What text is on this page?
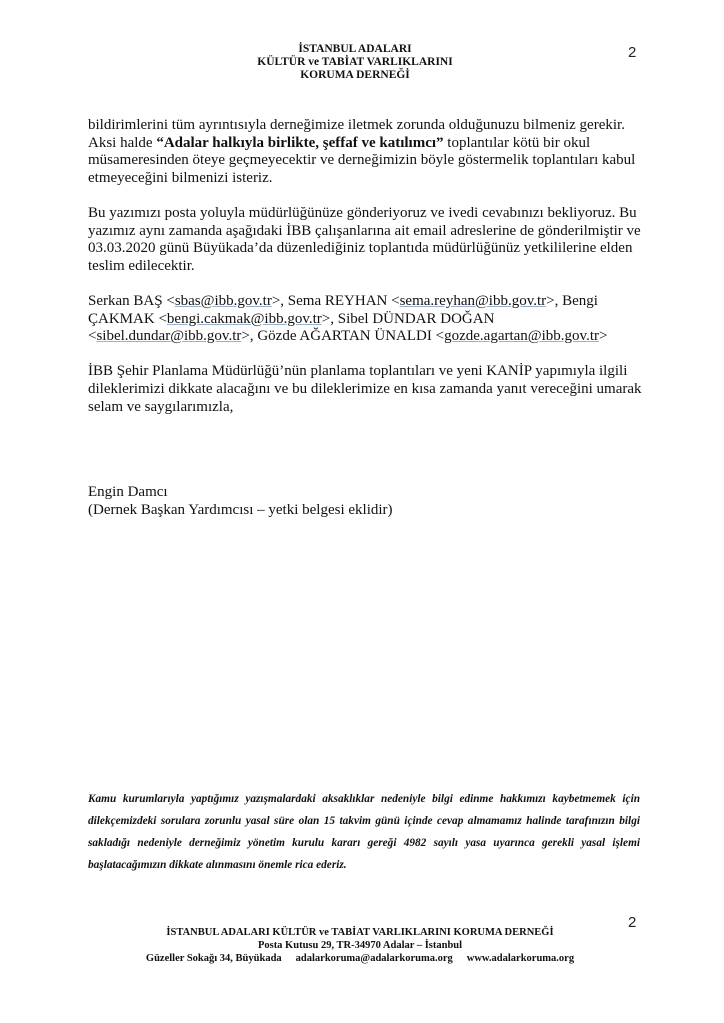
İSTANBUL ADALARI
KÜLTÜR ve TABİAT VARLIKLARINI
KORUMA DERNEĞİ
2

bildirimlerini tüm ayrıntısıyla derneğimize iletmek zorunda olduğunuzu bilmeniz gerekir.
Aksi halde “Adalar halkıyla birlikte, şeffaf ve katılımcı” toplantılar kötü bir okul müsameresinden öteye geçmeyecektir ve derneğimizin böyle göstermelik toplantıları kabul etmeyeceğini bilmenizi isteriz.

Bu yazımızı posta yoluyla müdürlüğünüze gönderiyoruz ve ivedi cevabınızı bekliyoruz. Bu yazımız aynı zamanda aşağıdaki İBB çalışanlarına ait email adreslerine de gönderilmiştir ve 03.03.2020 günü Büyükada’da düzenlediğiniz toplantıda müdürlüğünüz yetkililerine elden teslim edilecektir.

Serkan BAŞ <sbas@ibb.gov.tr>, Sema REYHAN <sema.reyhan@ibb.gov.tr>, Bengi ÇAKMAK <bengi.cakmak@ibb.gov.tr>, Sibel DÜNDAR DOĞAN
<sibel.dundar@ibb.gov.tr>, Gözde AĞARTAN ÜNALDI <gozde.agartan@ibb.gov.tr>

İBB Şehir Planlama Müdürlüğü’nün planlama toplantıları ve yeni KANİP yapımıyla ilgili dileklerimizi dikkate alacağını ve bu dileklerimize en kısa zamanda yanıt vereceğini umarak selam ve saygılarımızla,

Engin Damcı
(Dernek Başkan Yardımcısı – yetki belgesi eklidir)
Kamu kurumlarıyla yaptığımız yazışmalardaki aksaklıklar nedeniyle bilgi edinme hakkımızı kaybetmemek için dilekçemizdeki sorulara zorunlu yasal süre olan 15 takvim günü içinde cevap almamamız halinde tarafınızın bilgi sakladığı nedeniyle derneğimiz yönetim kurulu kararı gereği 4982 sayılı yasa uyarınca gerekli yasal işlemi başlatacağımızın dikkate alınmasını önemle rica ederiz.
2
İSTANBUL ADALARI KÜLTÜR ve TABİAT VARLIKLARINI KORUMA DERNEĞİ
Posta Kutusu 29, TR-34970 Adalar – İstanbul
Güzeller Sokağı 34, Büyükada adalarkoruma@adalarkoruma.org www.adalarkoruma.org
